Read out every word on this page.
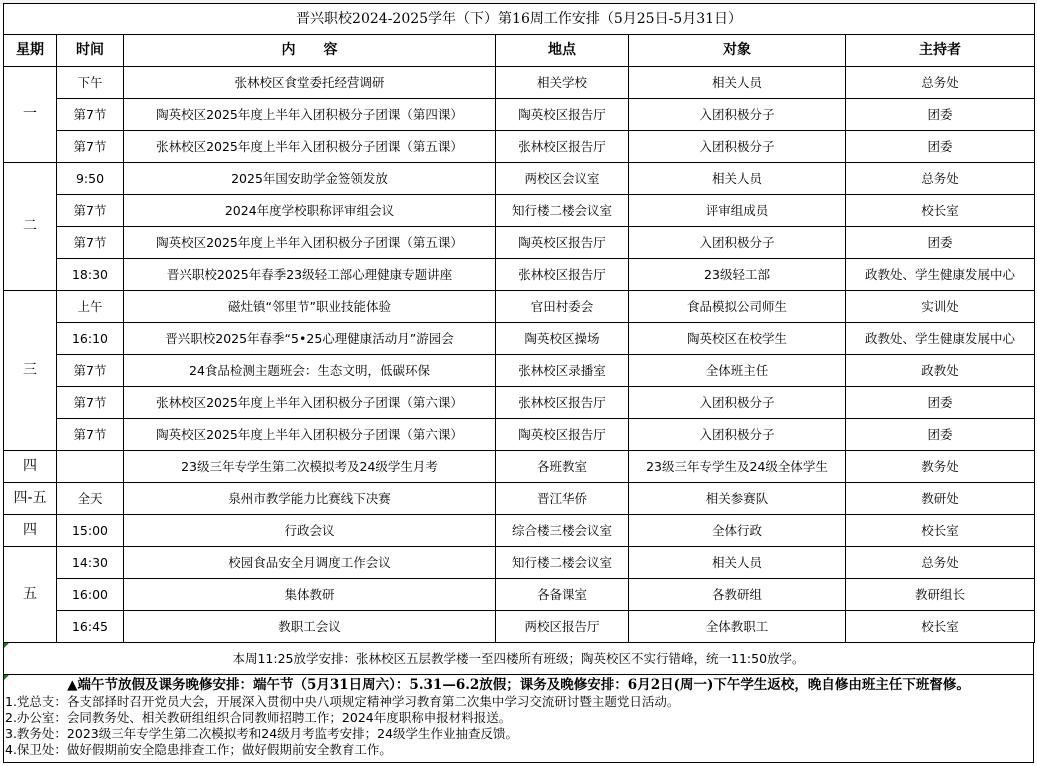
晋兴职校2024-2025学年（下）第16周工作安排（5月25日-5月31日）					
星期	时间	内　　容	地点	对象	主持者
一	下午	张林校区食堂委托经营调研	相关学校	相关人员	总务处
	第7节	陶英校区2025年度上半年入团积极分子团课（第四课）	陶英校区报告厅	入团积极分子	团委
	第7节	张林校区2025年度上半年入团积极分子团课（第五课）	张林校区报告厅	入团积极分子	团委
二	9:50	2025年国安助学金签领发放	两校区会议室	相关人员	总务处
	第7节	2024年度学校职称评审组会议	知行楼二楼会议室	评审组成员	校长室
	第7节	陶英校区2025年度上半年入团积极分子团课（第五课）	陶英校区报告厅	入团积极分子	团委
	18:30	晋兴职校2025年春季23级轻工部心理健康专题讲座	张林校区报告厅	23级轻工部	政教处、学生健康发展中心
三	上午	磁灶镇“邻里节”职业技能体验	官田村委会	食品模拟公司师生	实训处
	16:10	晋兴职校2025年春季“5•25心理健康活动月”游园会	陶英校区操场	陶英校区在校学生	政教处、学生健康发展中心
	第7节	24食品检测主题班会：生态文明，低碳环保	张林校区录播室	全体班主任	政教处
	第7节	张林校区2025年度上半年入团积极分子团课（第六课）	张林校区报告厅	入团积极分子	团委
	第7节	陶英校区2025年度上半年入团积极分子团课（第六课）	陶英校区报告厅	入团积极分子	团委
四		23级三年专学生第二次模拟考及24级学生月考	各班教室	23级三年专学生及24级全体学生	教务处
四-五	全天	泉州市教学能力比赛线下决赛	晋江华侨	相关参赛队	教研处
四	15:00	行政会议	综合楼三楼会议室	全体行政	校长室
五	14:30	校园食品安全月调度工作会议	知行楼二楼会议室	相关人员	总务处
	16:00	集体教研	各备课室	各教研组	教研组长
	16:45	教职工会议	两校区报告厅	全体教职工	校长室
本周11:25放学安排：张林校区五层教学楼一至四楼所有班级；陶英校区不实行错峰，统一11:50放学。
▲端午节放假及课务晚修安排：端午节（5月31日周六）：5.31—6.2放假；课务及晚修安排：6月2日(周一)下午学生返校，晚自修由班主任下班督修。
1.党总支：各支部择时召开党员大会，开展深入贯彻中央八项规定精神学习教育第二次集中学习交流研讨暨主题党日活动。
2.办公室：会同教务处、相关教研组组织合同教师招聘工作；2024年度职称申报材料报送。
3.教务处：2023级三年专学生第二次模拟考和24级月考监考安排；24级学生作业抽查反馈。
4.保卫处：做好假期前安全隐患排查工作；做好假期前安全教育工作。
